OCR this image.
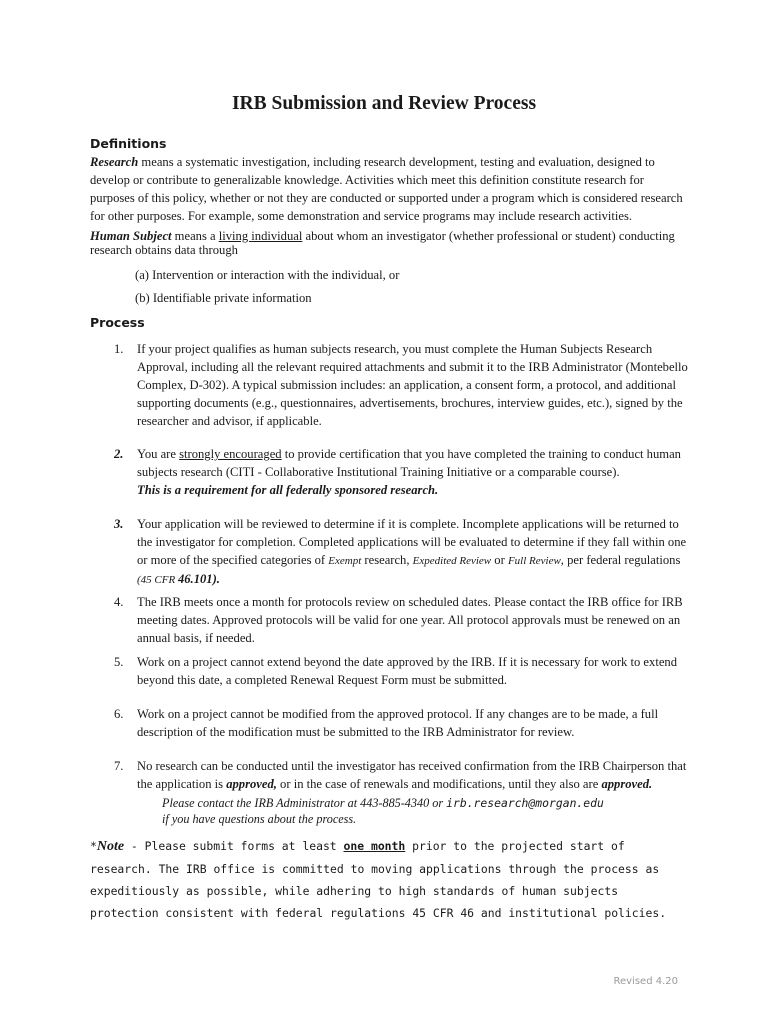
IRB Submission and Review Process
Definitions
Research means a systematic investigation, including research development, testing and evaluation, designed to develop or contribute to generalizable knowledge. Activities which meet this definition constitute research for purposes of this policy, whether or not they are conducted or supported under a program which is considered research for other purposes. For example, some demonstration and service programs may include research activities.
Human Subject means a living individual about whom an investigator (whether professional or student) conducting research obtains data through
(a) Intervention or interaction with the individual, or
(b) Identifiable private information
Process
1. If your project qualifies as human subjects research, you must complete the Human Subjects Research Approval, including all the relevant required attachments and submit it to the IRB Administrator (Montebello Complex, D-302). A typical submission includes: an application, a consent form, a protocol, and additional supporting documents (e.g., questionnaires, advertisements, brochures, interview guides, etc.), signed by the researcher and advisor, if applicable.
2. You are strongly encouraged to provide certification that you have completed the training to conduct human subjects research (CITI - Collaborative Institutional Training Initiative or a comparable course).
This is a requirement for all federally sponsored research.
3. Your application will be reviewed to determine if it is complete. Incomplete applications will be returned to the investigator for completion. Completed applications will be evaluated to determine if they fall within one or more of the specified categories of Exempt research, Expedited Review or Full Review, per federal regulations (45 CFR 46.101).
4. The IRB meets once a month for protocols review on scheduled dates. Please contact the IRB office for IRB meeting dates. Approved protocols will be valid for one year. All protocol approvals must be renewed on an annual basis, if needed.
5. Work on a project cannot extend beyond the date approved by the IRB. If it is necessary for work to extend beyond this date, a completed Renewal Request Form must be submitted.
6. Work on a project cannot be modified from the approved protocol. If any changes are to be made, a full description of the modification must be submitted to the IRB Administrator for review.
7. No research can be conducted until the investigator has received confirmation from the IRB Chairperson that the application is approved, or in the case of renewals and modifications, until they also are approved.
Please contact the IRB Administrator at 443-885-4340 or irb.research@morgan.edu
if you have questions about the process.
*Note - Please submit forms at least one month prior to the projected start of research. The IRB office is committed to moving applications through the process as expeditiously as possible, while adhering to high standards of human subjects protection consistent with federal regulations 45 CFR 46 and institutional policies.
Revised 4.20
